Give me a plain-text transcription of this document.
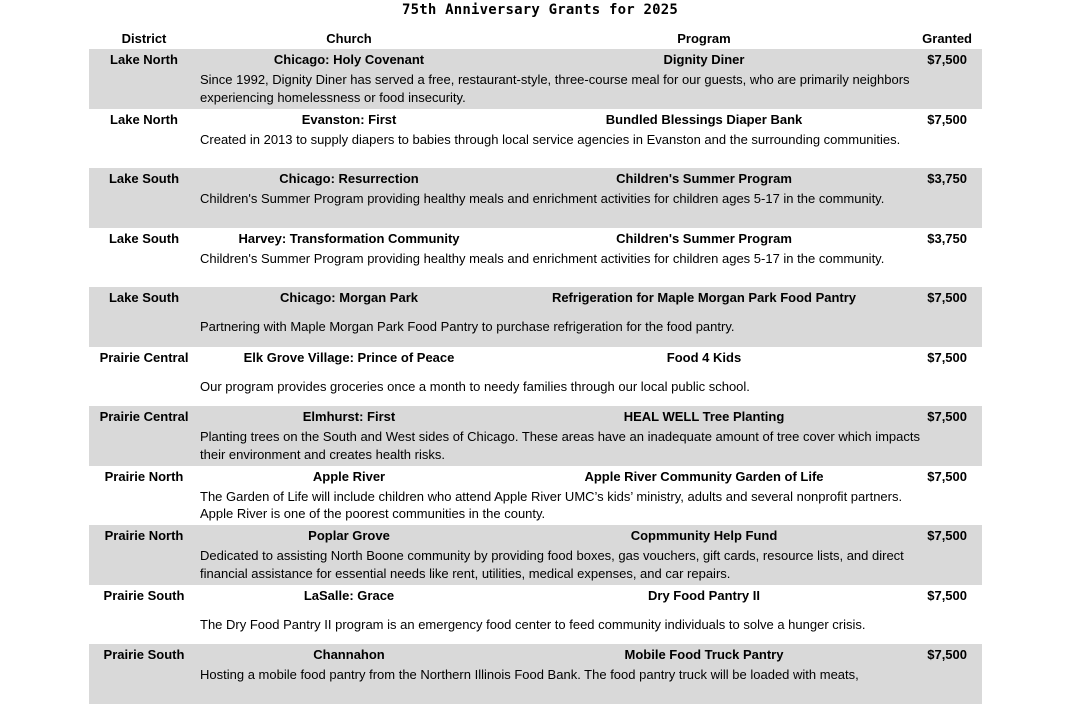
75th Anniversary Grants for 2025
District	Church	Program	Granted
Lake North	Chicago: Holy Covenant	Dignity Diner	$7,500
Since 1992, Dignity Diner has served a free, restaurant-style, three-course meal for our guests, who are primarily neighbors experiencing homelessness or food insecurity.
Lake North	Evanston: First	Bundled Blessings Diaper Bank	$7,500
Created in 2013 to supply diapers to babies through local service agencies in Evanston and the surrounding communities.
Lake South	Chicago: Resurrection	Children's Summer Program	$3,750
Children's Summer Program providing healthy meals and enrichment activities for children ages 5-17 in the community.
Lake South	Harvey: Transformation Community	Children's Summer Program	$3,750
Children's Summer Program providing healthy meals and enrichment activities for children ages 5-17 in the community.
Lake South	Chicago: Morgan Park	Refrigeration for Maple Morgan Park Food Pantry	$7,500
Partnering with Maple Morgan Park Food Pantry to purchase refrigeration for the food pantry.
Prairie Central	Elk Grove Village: Prince of Peace	Food 4 Kids	$7,500
Our program provides groceries once a month to needy families through our local public school.
Prairie Central	Elmhurst: First	HEAL WELL Tree Planting	$7,500
Planting trees on the South and West sides of Chicago. These areas have an inadequate amount of tree cover which impacts their environment and creates health risks.
Prairie North	Apple River	Apple River Community Garden of Life	$7,500
The Garden of Life will include children who attend Apple River UMC’s kids’ ministry, adults and several nonprofit partners. Apple River is one of the poorest communities in the county.
Prairie North	Poplar Grove	Copmmunity Help Fund	$7,500
Dedicated to assisting North Boone community by providing food boxes, gas vouchers, gift cards, resource lists, and direct financial assistance for essential needs like rent, utilities, medical expenses, and car repairs.
Prairie South	LaSalle: Grace	Dry Food Pantry II	$7,500
The Dry Food Pantry II program is an emergency food center to feed community individuals to solve a hunger crisis.
Prairie South	Channahon	Mobile Food Truck Pantry	$7,500
Hosting a mobile food pantry from the Northern Illinois Food Bank. The food pantry truck will be loaded with meats,
